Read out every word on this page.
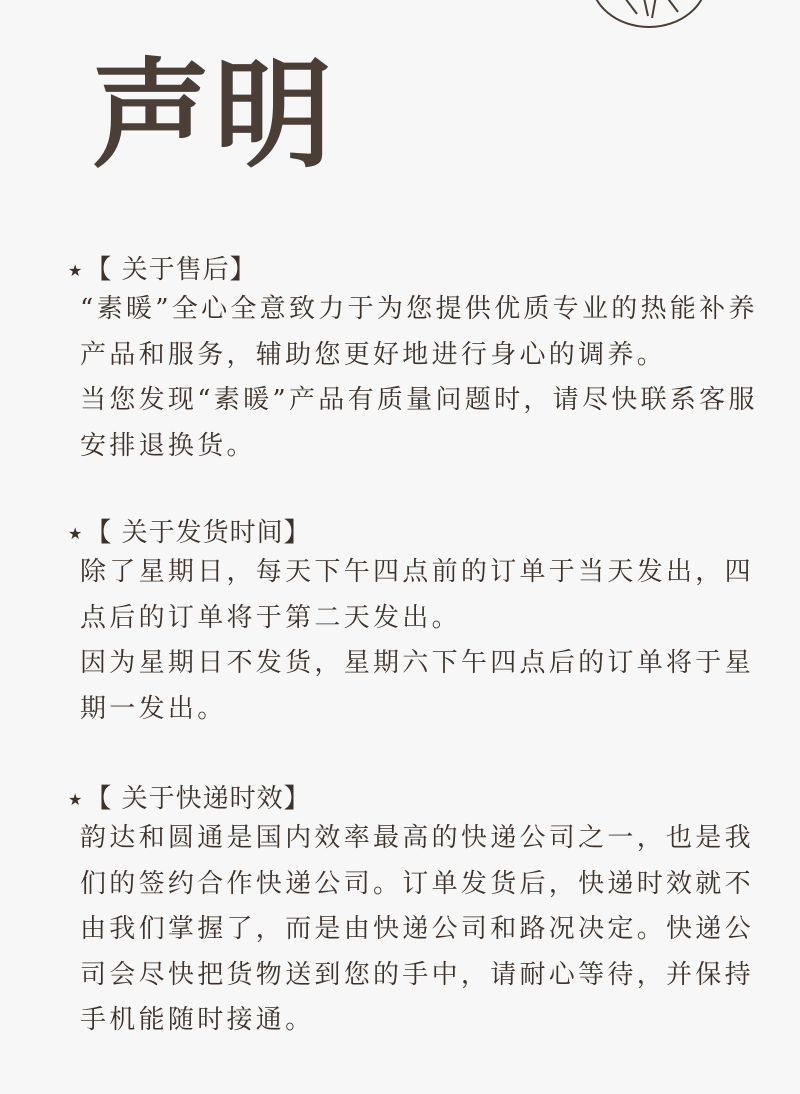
声明
★【 关于售后】
“素暖”全心全意致力于为您提供优质专业的热能补养产品和服务，辅助您更好地进行身心的调养。
当您发现“素暖”产品有质量问题时，请尽快联系客服安排退换货。
★【 关于发货时间】
除了星期日，每天下午四点前的订单于当天发出，四点后的订单将于第二天发出。
因为星期日不发货，星期六下午四点后的订单将于星期一发出。
★【 关于快递时效】
韵达和圆通是国内效率最高的快递公司之一，也是我们的签约合作快递公司。订单发货后，快递时效就不由我们掌握了，而是由快递公司和路况决定。快递公司会尽快把货物送到您的手中，请耐心等待，并保持手机能随时接通。
